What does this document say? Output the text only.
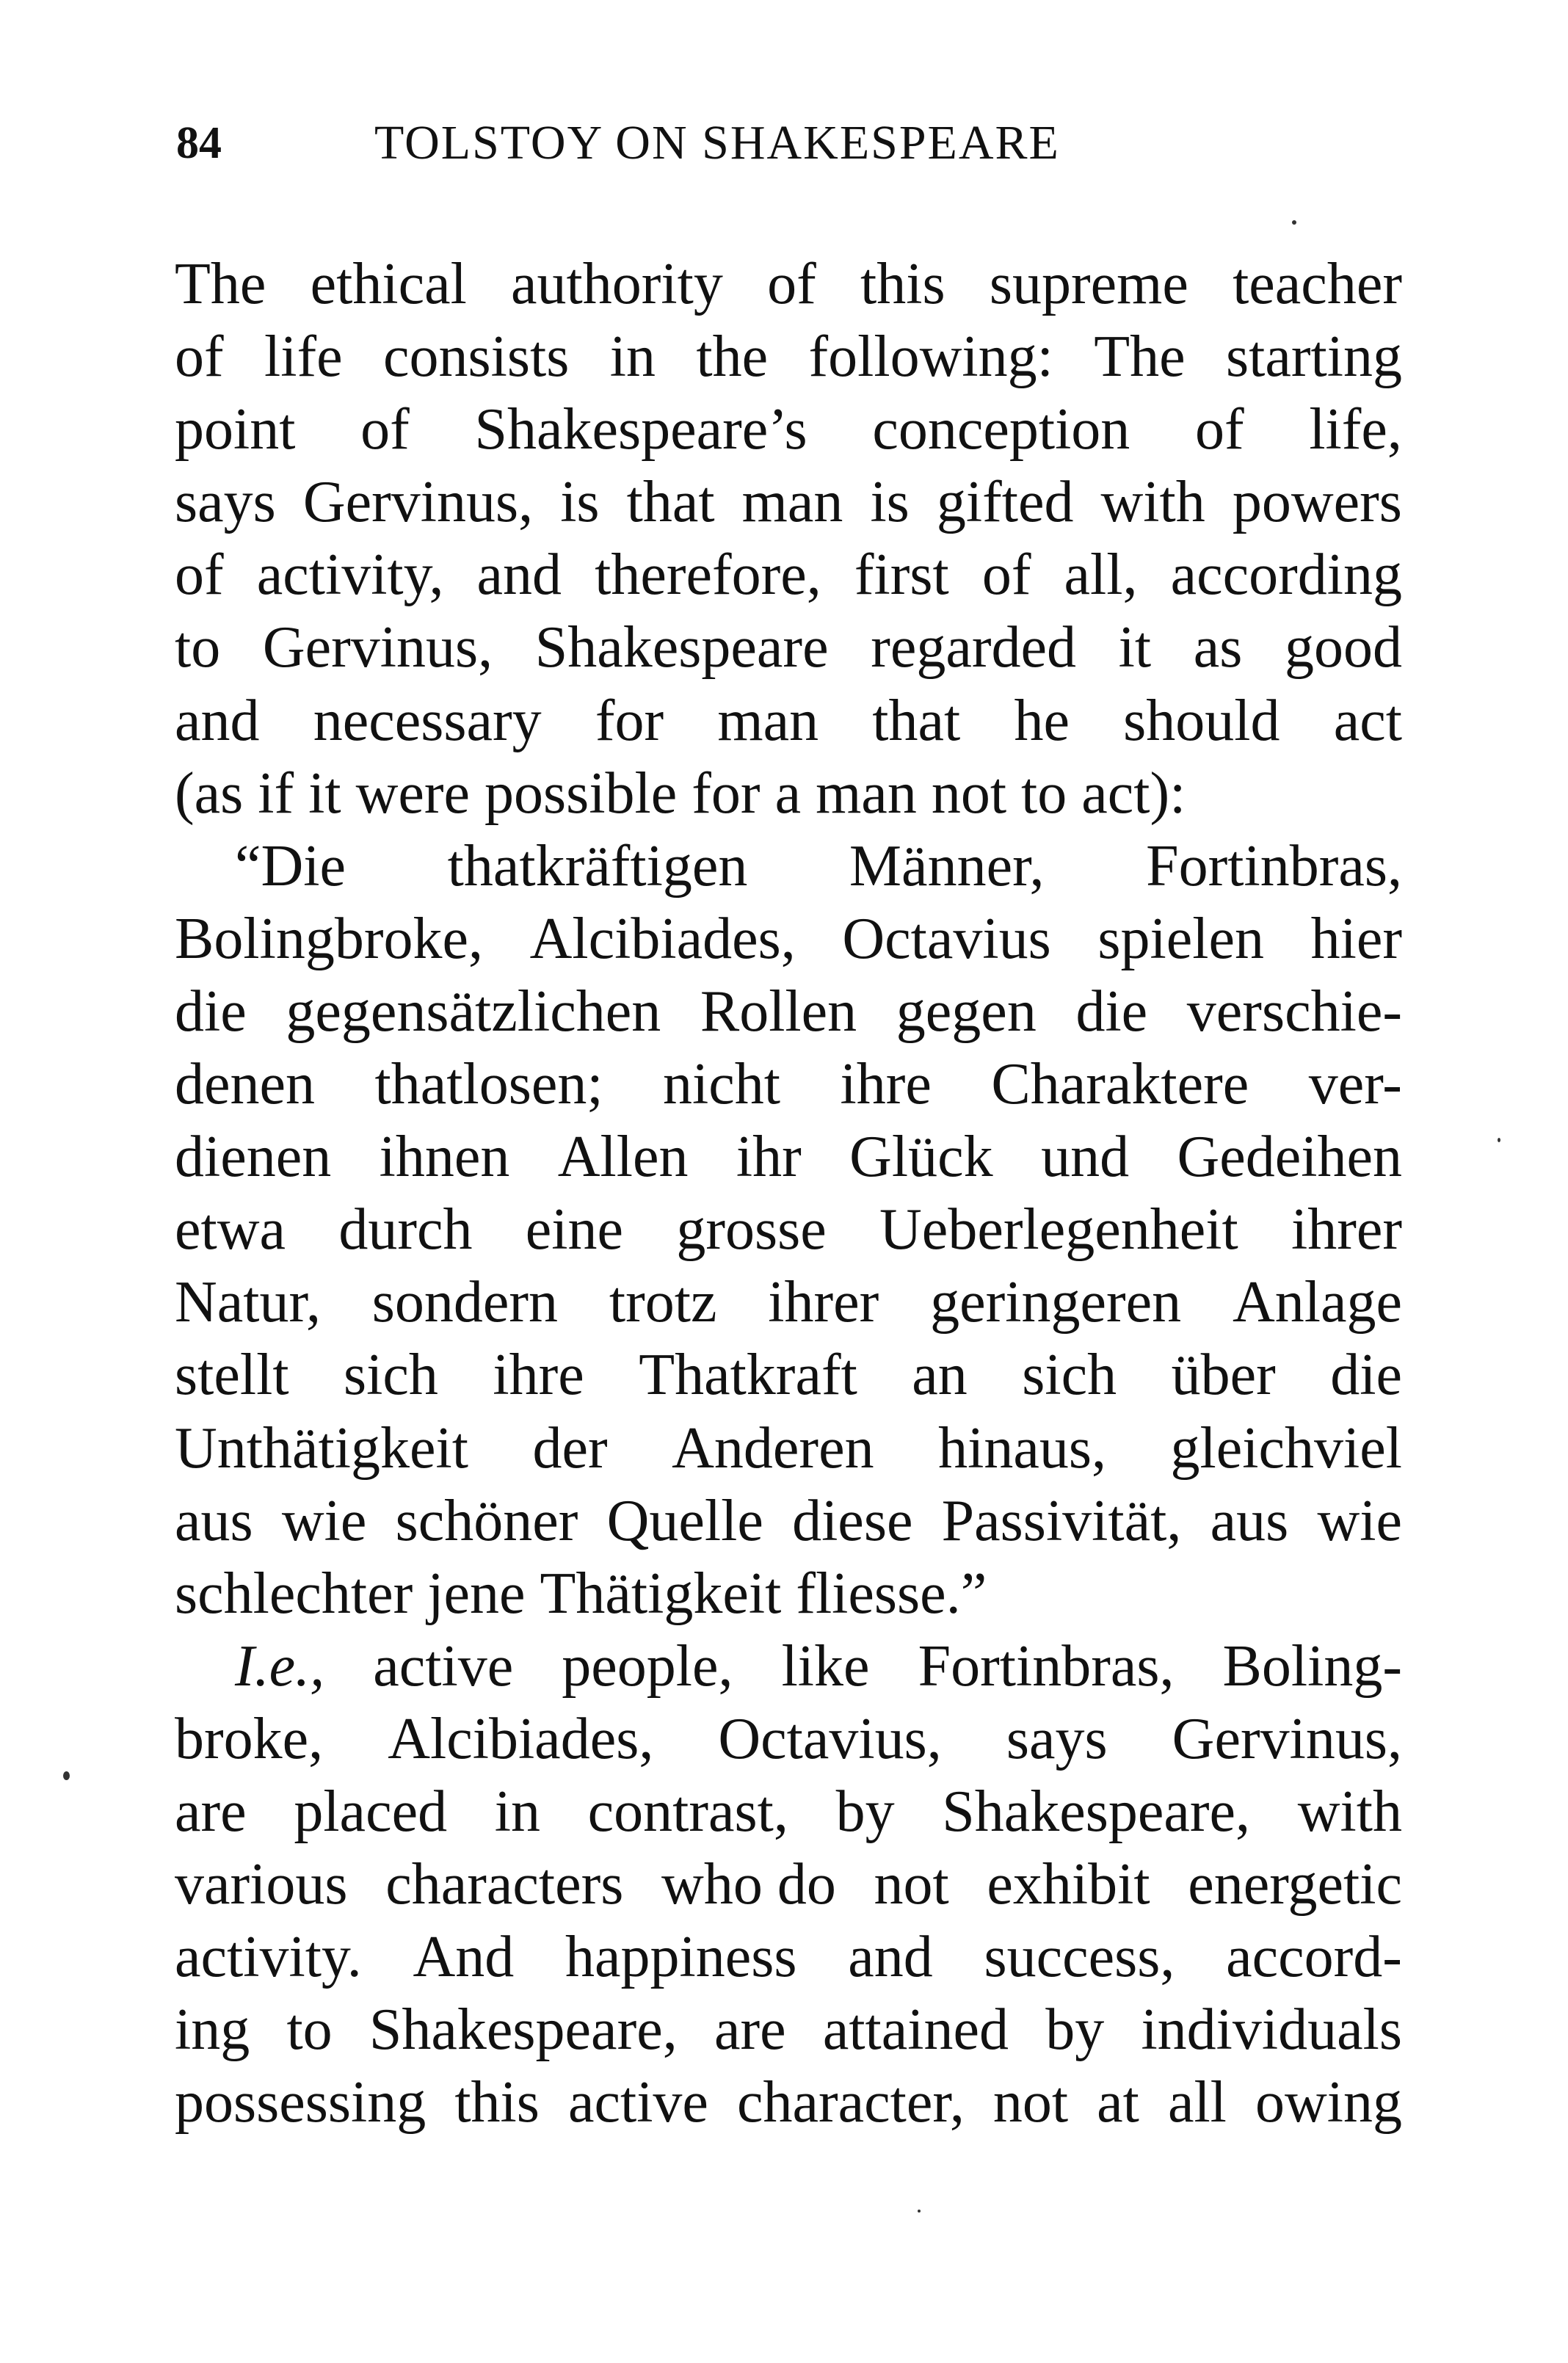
84	TOLSTOY ON SHAKESPEARE
The ethical authority of this supreme teacher
of life consists in the following: The starting
point of Shakespeare’s conception of life,
says Gervinus, is that man is gifted with powers
of activity, and therefore, first of all, according
to Gervinus, Shakespeare regarded it as good
and necessary for man that he should act
(as if it were possible for a man not to act):
“Die thatkräftigen Männer, Fortinbras,
Bolingbroke, Alcibiades, Octavius spielen hier
die gegensätzlichen Rollen gegen die verschie-
denen thatlosen; nicht ihre Charaktere ver-
dienen ihnen Allen ihr Glück und Gedeihen
etwa durch eine grosse Ueberlegenheit ihrer
Natur, sondern trotz ihrer geringeren Anlage
stellt sich ihre Thatkraft an sich über die
Unthätigkeit der Anderen hinaus, gleichviel
aus wie schöner Quelle diese Passivität, aus wie
schlechter jene Thätigkeit fliesse.”
I.e., active people, like Fortinbras, Boling-
broke, Alcibiades, Octavius, says Gervinus,
are placed in contrast, by Shakespeare, with
various characters who do not exhibit energetic
activity. And happiness and success, accord-
ing to Shakespeare, are attained by individuals
possessing this active character, not at all owing
